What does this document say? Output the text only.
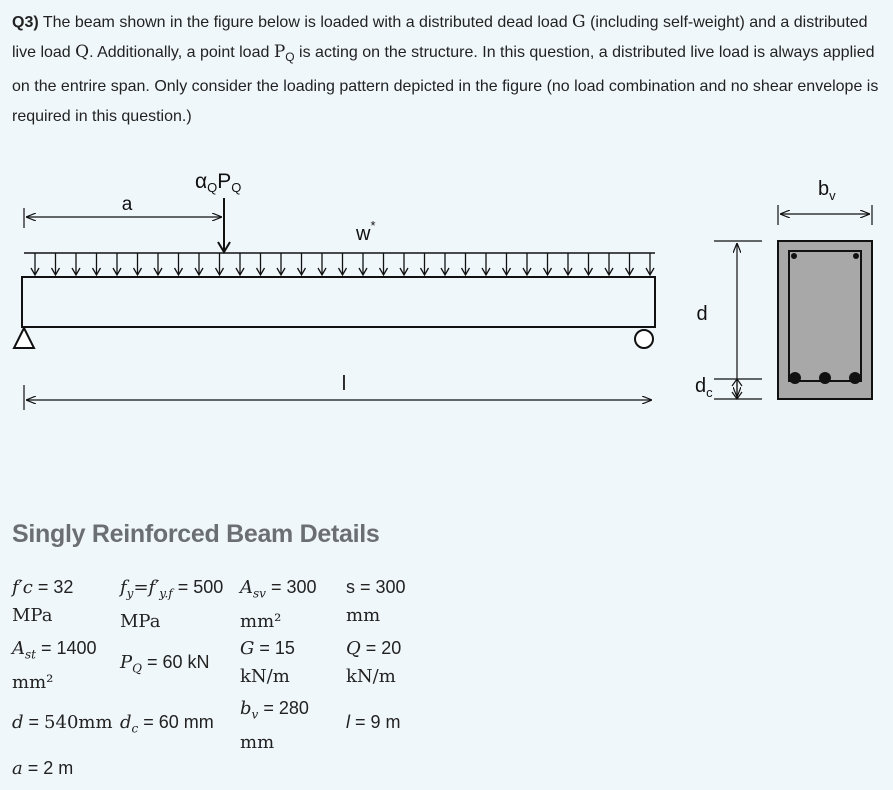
Q3) The beam shown in the figure below is loaded with a distributed dead load G (including self-weight) and a distributed live load Q. Additionally, a point load $P_Q$ is acting on the structure. In this question, a distributed live load is always applied on the entrire span. Only consider the loading pattern depicted in the figure (no load combination and no shear envelope is required in this question.)
a
αQPQ
w*
l
d
$d_c$
$b_v$
Singly Reinforced Beam Details
f′c = 32
MPa
$f_y=f'_{y.f} = 500$
MPa
$A_{sv} = 300$
mm²
s = 300
mm
$A_{st} = 1400$
mm²
$P_Q = 60$ kN
G = 15
kN/m
Q = 20
kN/m
d = 540mm $d_c = 60$ mm
$b_v = 280$
mm
l = 9 m
a = 2 m
